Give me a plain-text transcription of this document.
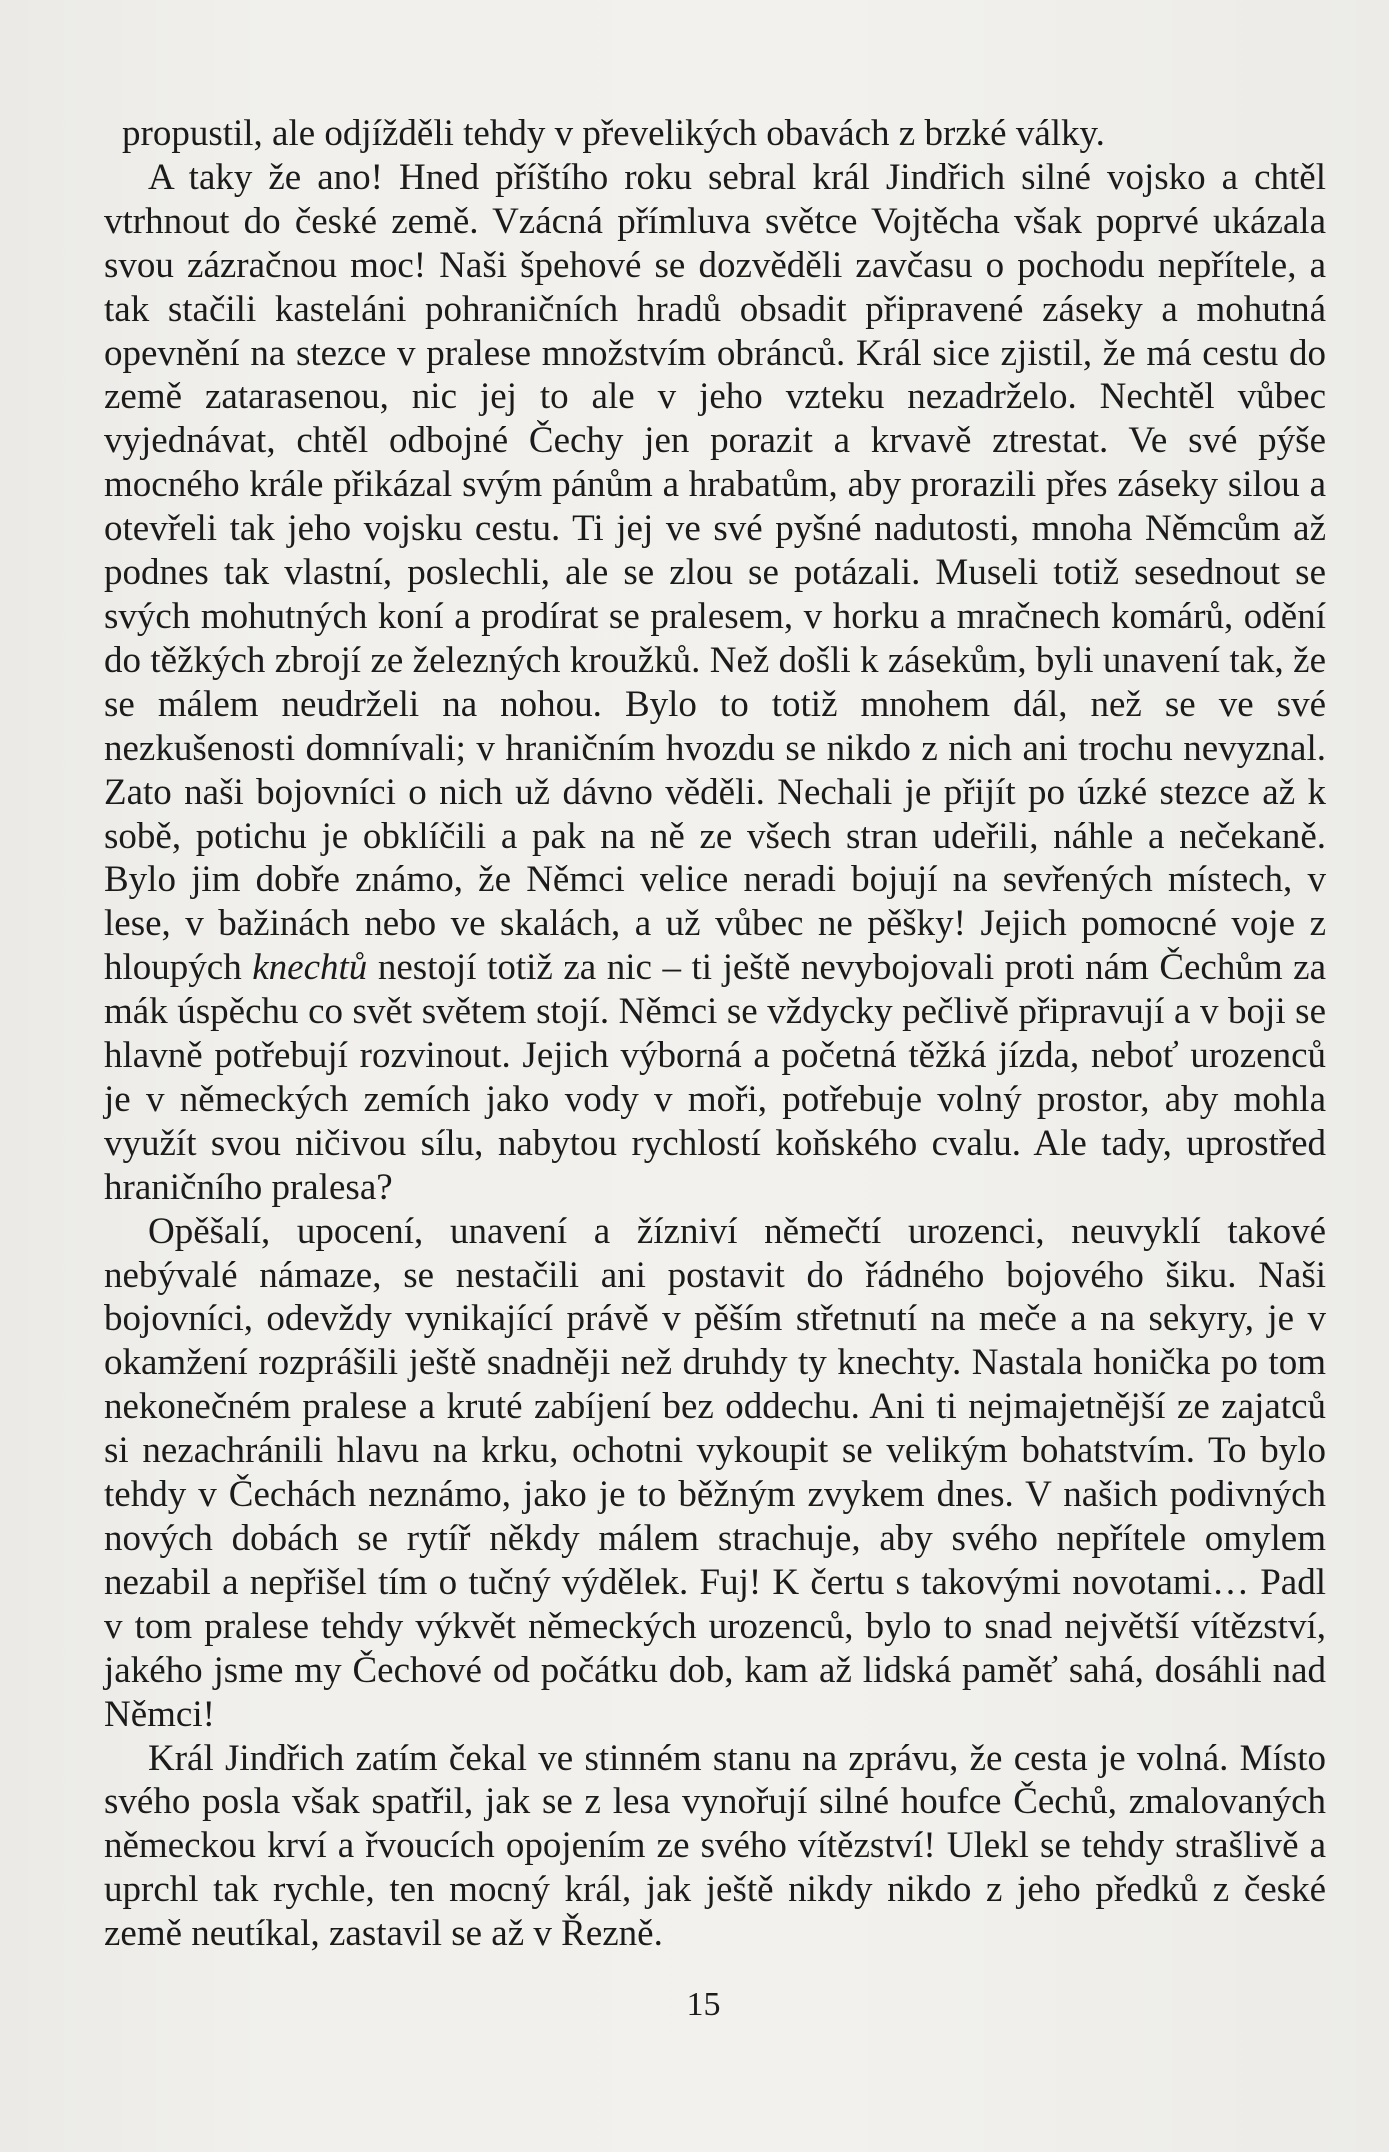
propustil, ale odjížděli tehdy v převelikých obavách z brzké války.

A taky že ano! Hned příštího roku sebral král Jindřich silné vojsko a chtěl vtrhnout do české země. Vzácná přímluva světce Vojtěcha však poprvé ukázala svou zázračnou moc! Naši špehové se dozvěděli zavčasu o pochodu nepřítele, a tak stačili kasteláni pohraničních hradů obsadit připravené záseky a mohutná opevnění na stezce v pralese množstvím obránců. Král sice zjistil, že má cestu do země zatarasenou, nic jej to ale v jeho vzteku nezadrželo. Nechtěl vůbec vyjednávat, chtěl odbojné Čechy jen porazit a krvavě ztrestat. Ve své pýše mocného krále přikázal svým pánům a hrabatům, aby prorazili přes záseky silou a otevřeli tak jeho vojsku cestu. Ti jej ve své pyšné nadutosti, mnoha Němcům až podnes tak vlastní, poslechli, ale se zlou se potázali. Museli totiž sesednout se svých mohutných koní a prodírat se pralesem, v horku a mračnech komárů, odění do těžkých zbrojí ze železných kroužků. Než došli k zásekům, byli unavení tak, že se málem neudrželi na nohou. Bylo to totiž mnohem dál, než se ve své nezkušenosti domnívali; v hraničním hvozdu se nikdo z nich ani trochu nevyznal. Zato naši bojovníci o nich už dávno věděli. Nechali je přijít po úzké stezce až k sobě, potichu je obklíčili a pak na ně ze všech stran udeřili, náhle a nečekaně. Bylo jim dobře známo, že Němci velice neradi bojují na sevřených místech, v lese, v bažinách nebo ve skalách, a už vůbec ne pěšky! Jejich pomocné voje z hloupých knechtů nestojí totiž za nic – ti ještě nevybojovali proti nám Čechům za mák úspěchu co svět světem stojí. Němci se vždycky pečlivě připravují a v boji se hlavně potřebují rozvinout. Jejich výborná a početná těžká jízda, neboť urozenců je v německých zemích jako vody v moři, potřebuje volný prostor, aby mohla využít svou ničivou sílu, nabytou rychlostí koňského cvalu. Ale tady, uprostřed hraničního pralesa?

Opěšalí, upocení, unavení a žízniví němečtí urozenci, neuvyklí takové nebývalé námaze, se nestačili ani postavit do řádného bojového šiku. Naši bojovníci, odevždy vynikající právě v pěším střetnutí na meče a na sekyry, je v okamžení rozprášili ještě snadněji než druhdy ty knechty. Nastala honička po tom nekonečném pralese a kruté zabíjení bez oddechu. Ani ti nejmajetnější ze zajatců si nezachránili hlavu na krku, ochotni vykoupit se velikým bohatstvím. To bylo tehdy v Čechách neznámo, jako je to běžným zvykem dnes. V našich podivných nových dobách se rytíř někdy málem strachuje, aby svého nepřítele omylem nezabil a nepřišel tím o tučný výdělek. Fuj! K čertu s takovými novotami… Padl v tom pralese tehdy výkvět německých urozenců, bylo to snad největší vítězství, jakého jsme my Čechové od počátku dob, kam až lidská paměť sahá, dosáhli nad Němci!

Král Jindřich zatím čekal ve stinném stanu na zprávu, že cesta je volná. Místo svého posla však spatřil, jak se z lesa vynořují silné houfce Čechů, zmalovaných německou krví a řvoucích opojením ze svého vítězství! Ulekl se tehdy strašlivě a uprchl tak rychle, ten mocný král, jak ještě nikdy nikdo z jeho předků z české země neutíkal, zastavil se až v Řezně.

15
